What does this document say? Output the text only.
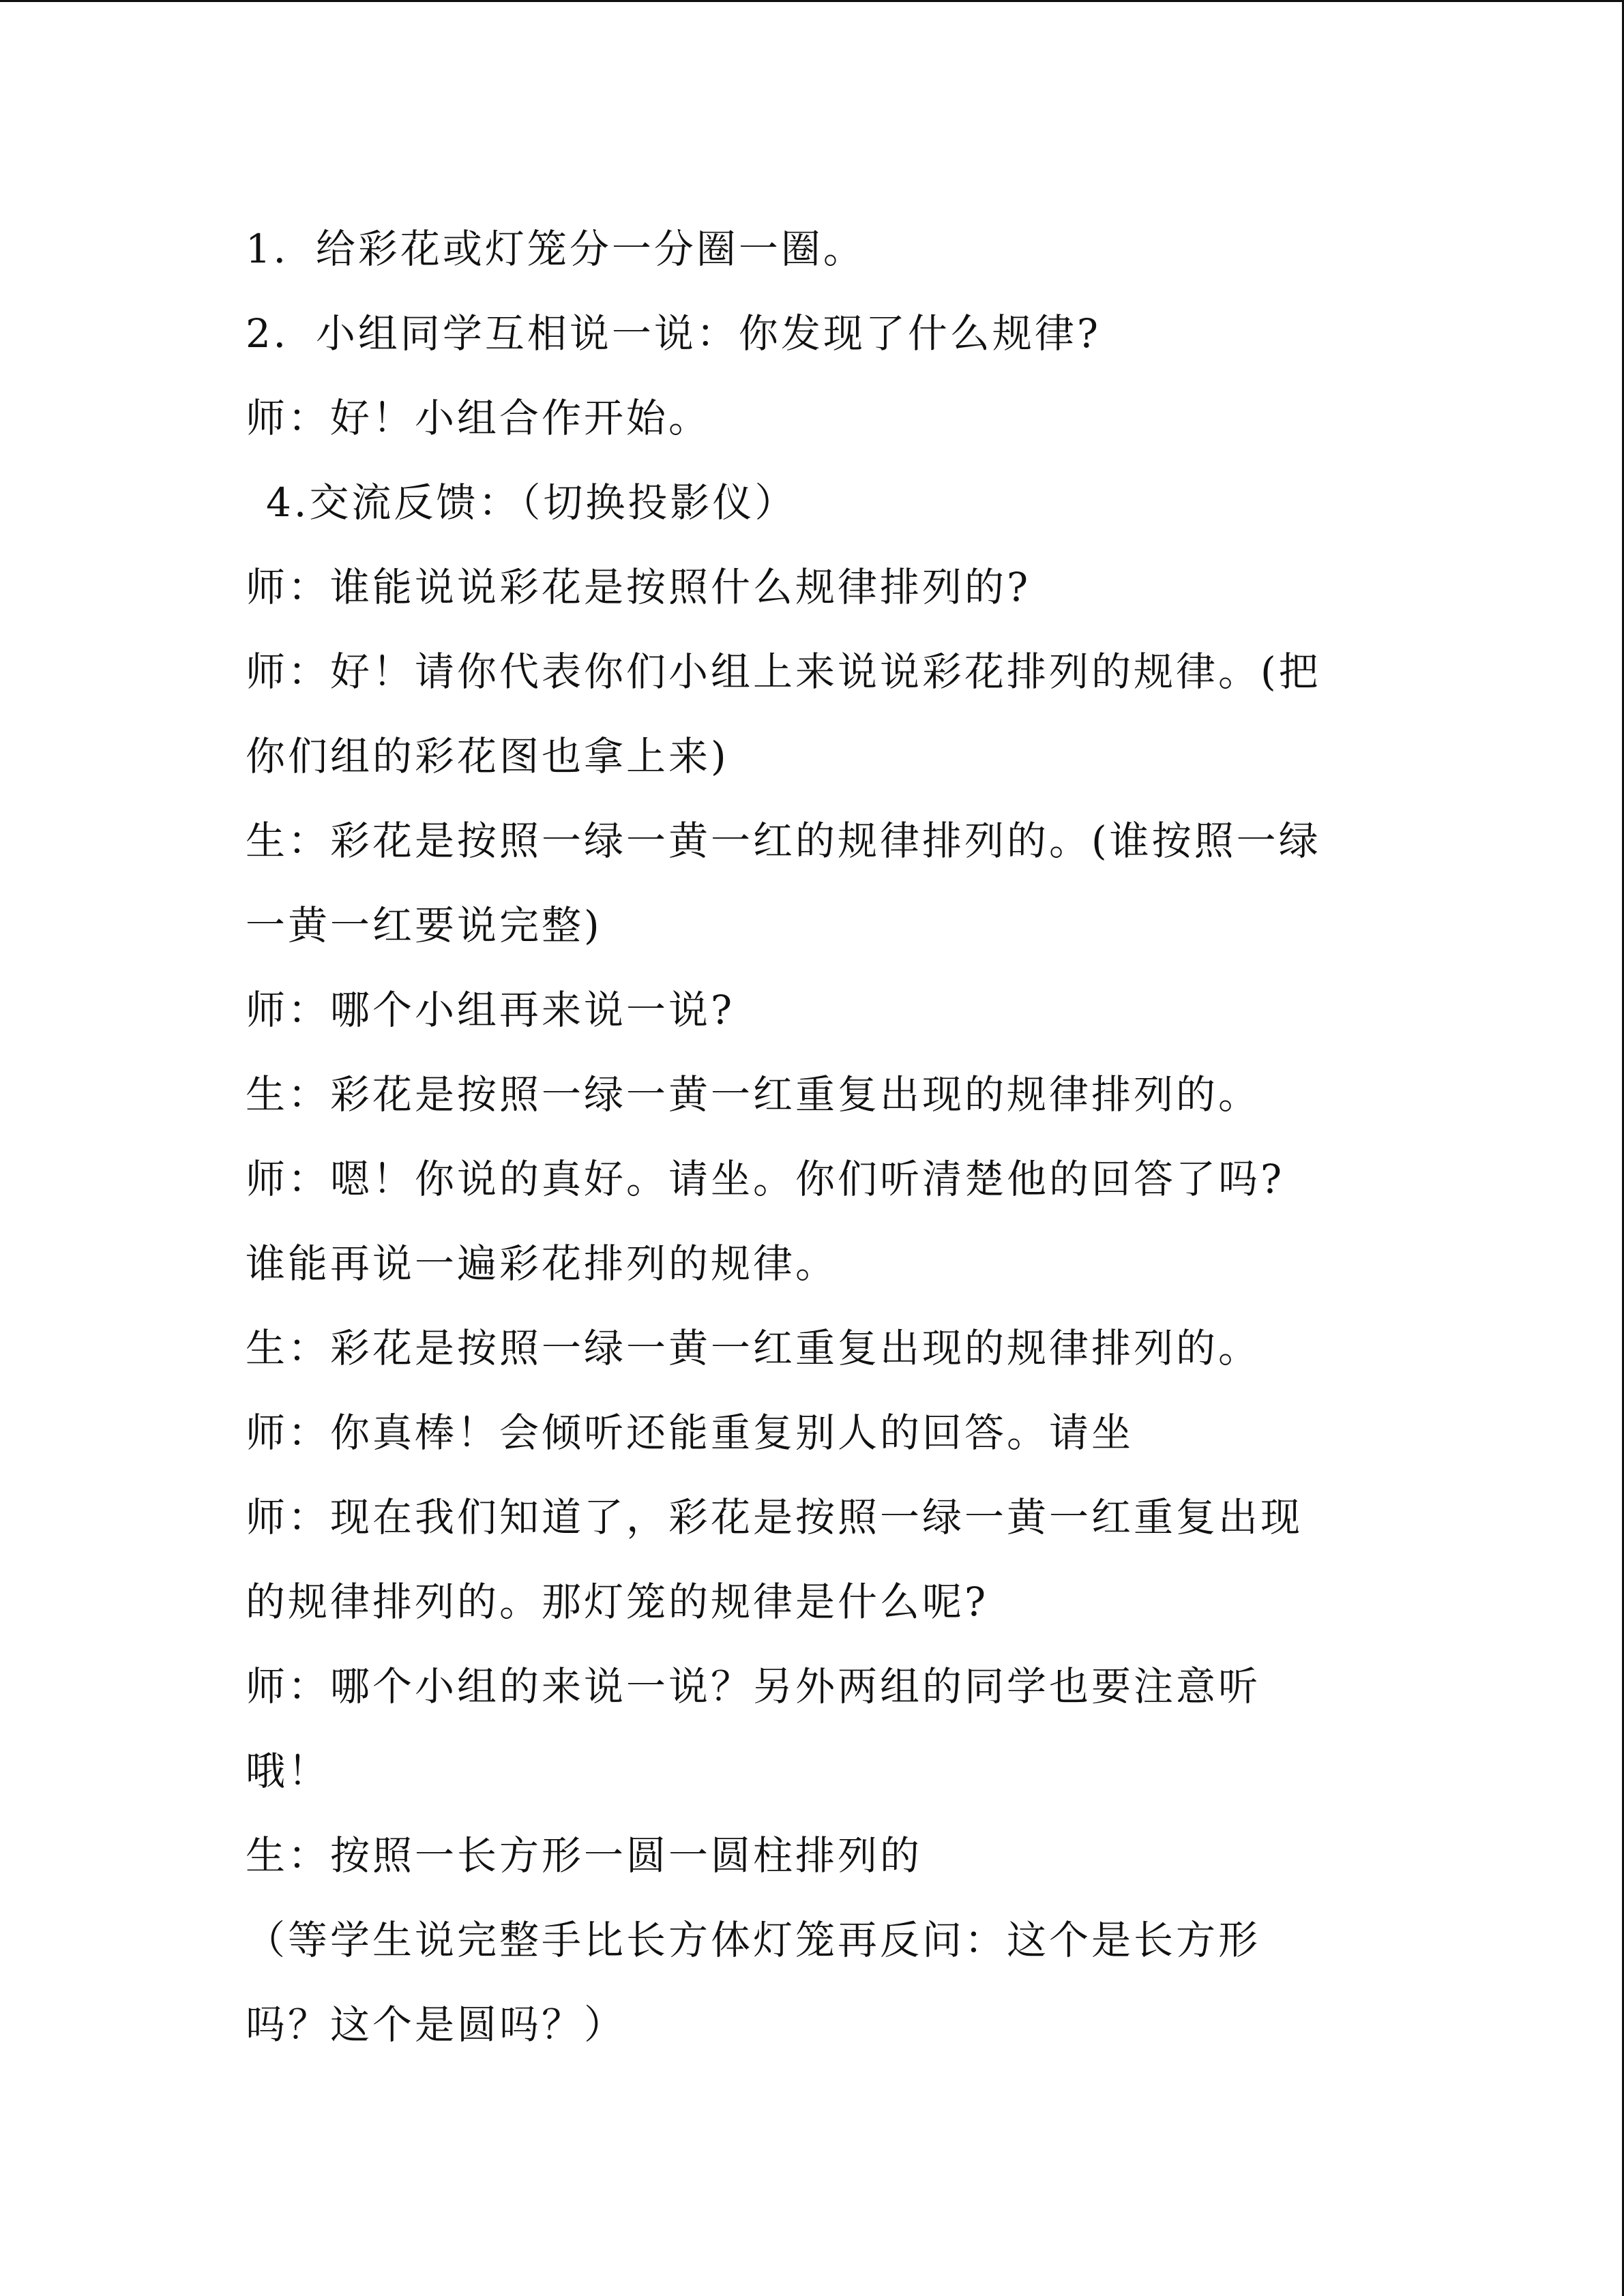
1．给彩花或灯笼分一分圈一圈。
2．小组同学互相说一说：你发现了什么规律?
师：好！小组合作开始。
4.交流反馈：（切换投影仪）
师：谁能说说彩花是按照什么规律排列的?
师：好！请你代表你们小组上来说说彩花排列的规律。(把
你们组的彩花图也拿上来)
生：彩花是按照一绿一黄一红的规律排列的。(谁按照一绿
一黄一红要说完整)
师：哪个小组再来说一说?
生：彩花是按照一绿一黄一红重复出现的规律排列的。
师：嗯！你说的真好。请坐。你们听清楚他的回答了吗?
谁能再说一遍彩花排列的规律。
生：彩花是按照一绿一黄一红重复出现的规律排列的。
师：你真棒！会倾听还能重复别人的回答。请坐
师：现在我们知道了，彩花是按照一绿一黄一红重复出现
的规律排列的。那灯笼的规律是什么呢?
师：哪个小组的来说一说？另外两组的同学也要注意听
哦！
生：按照一长方形一圆一圆柱排列的
（等学生说完整手比长方体灯笼再反问：这个是长方形
吗？这个是圆吗？）
